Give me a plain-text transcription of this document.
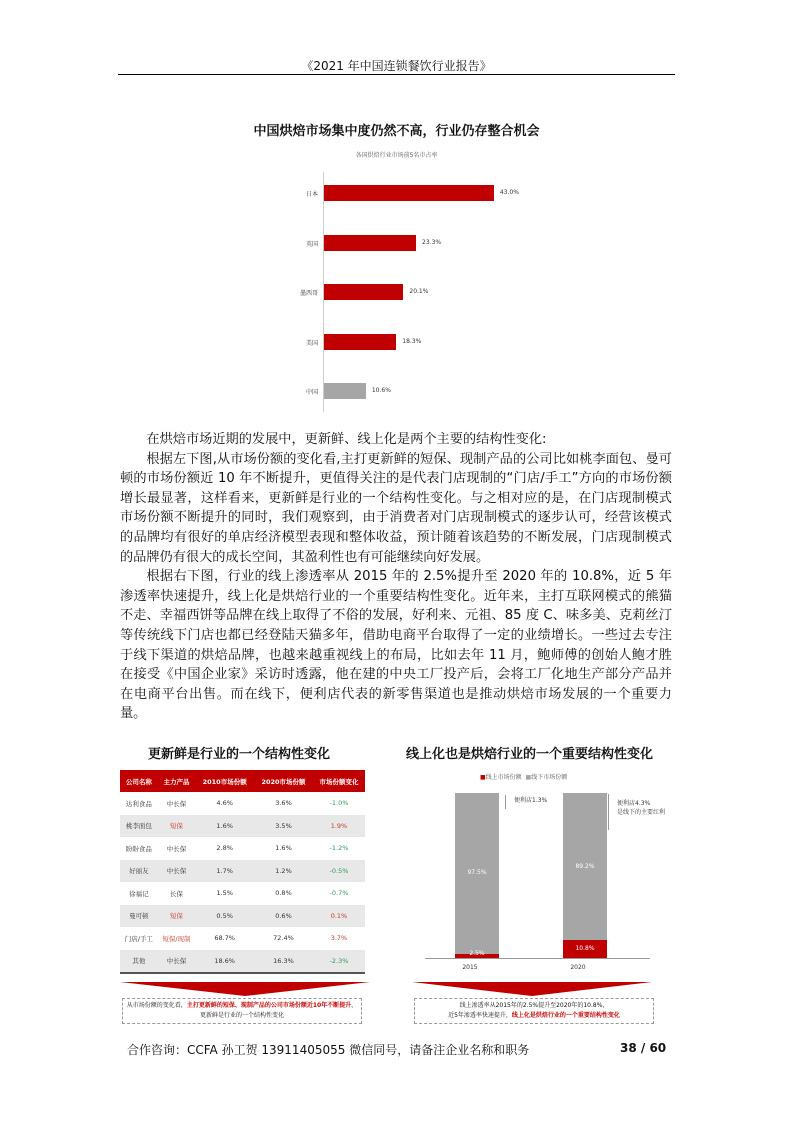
《2021 年中国连锁餐饮行业报告》
中国烘焙市场集中度仍然不高，行业仍存整合机会
各国烘焙行业市场前5名市占率
日本	43.0%
英国	23.3%
墨西哥	20.1%
美国	18.3%
中国	10.6%

在烘焙市场近期的发展中，更新鲜、线上化是两个主要的结构性变化:

根据左下图,从市场份额的变化看,主打更新鲜的短保、现制产品的公司比如桃李面包、曼可顿的市场份额近 10 年不断提升，更值得关注的是代表门店现制的“门店/手工”方向的市场份额增长最显著，这样看来，更新鲜是行业的一个结构性变化。与之相对应的是，在门店现制模式市场份额不断提升的同时，我们观察到，由于消费者对门店现制模式的逐步认可，经营该模式的品牌均有很好的单店经济模型表现和整体收益，预计随着该趋势的不断发展，门店现制模式的品牌仍有很大的成长空间，其盈利性也有可能继续向好发展。

根据右下图，行业的线上渗透率从 2015 年的 2.5%提升至 2020 年的 10.8%，近 5 年渗透率快速提升，线上化是烘焙行业的一个重要结构性变化。近年来，主打互联网模式的熊猫不走、幸福西饼等品牌在线上取得了不俗的发展，好利来、元祖、85 度 C、味多美、克莉丝汀等传统线下门店也都已经登陆天猫多年，借助电商平台取得了一定的业绩增长。一些过去专注于线下渠道的烘焙品牌，也越来越重视线上的布局，比如去年 11 月，鲍师傅的创始人鲍才胜在接受《中国企业家》采访时透露，他在建的中央工厂投产后，会将工厂化地生产部分产品并在电商平台出售。而在线下，便利店代表的新零售渠道也是推动烘焙市场发展的一个重要力量。

更新鲜是行业的一个结构性变化	线上化也是烘焙行业的一个重要结构性变化
公司名称	主力产品	2010市场份额	2020市场份额	市场份额变化
达利食品	中长保	4.6%	3.6%	-1.0%
桃李面包	短保	1.6%	3.5%	1.9%
盼盼食品	中长保	2.8%	1.6%	-1.2%
好丽友	中长保	1.7%	1.2%	-0.5%
徐福记	长保	1.5%	0.8%	-0.7%
曼可顿	短保	0.5%	0.6%	0.1%
门店/手工	短保/现制	68.7%	72.4%	3.7%
其他	中长保	18.6%	16.3%	-2.3%
从市场份额的变化看，主打更新鲜的短保、现制产品的公司市场份额近10年不断提升，更新鲜是行业的一个结构性变化
■线上市场份额 ■线下市场份额
97.5%
2.5%
89.2%
10.8%
便利店1.3%	便利店4.3%
是线下的主要红利
2015	2020
线上渗透率从2015年的2.5%提升至2020年的10.8%，
近5年渗透率快速提升，线上化是烘焙行业的一个重要结构性变化
合作咨询：CCFA 孙工贺 13911405055 微信同号，请备注企业名称和职务	38 / 60
